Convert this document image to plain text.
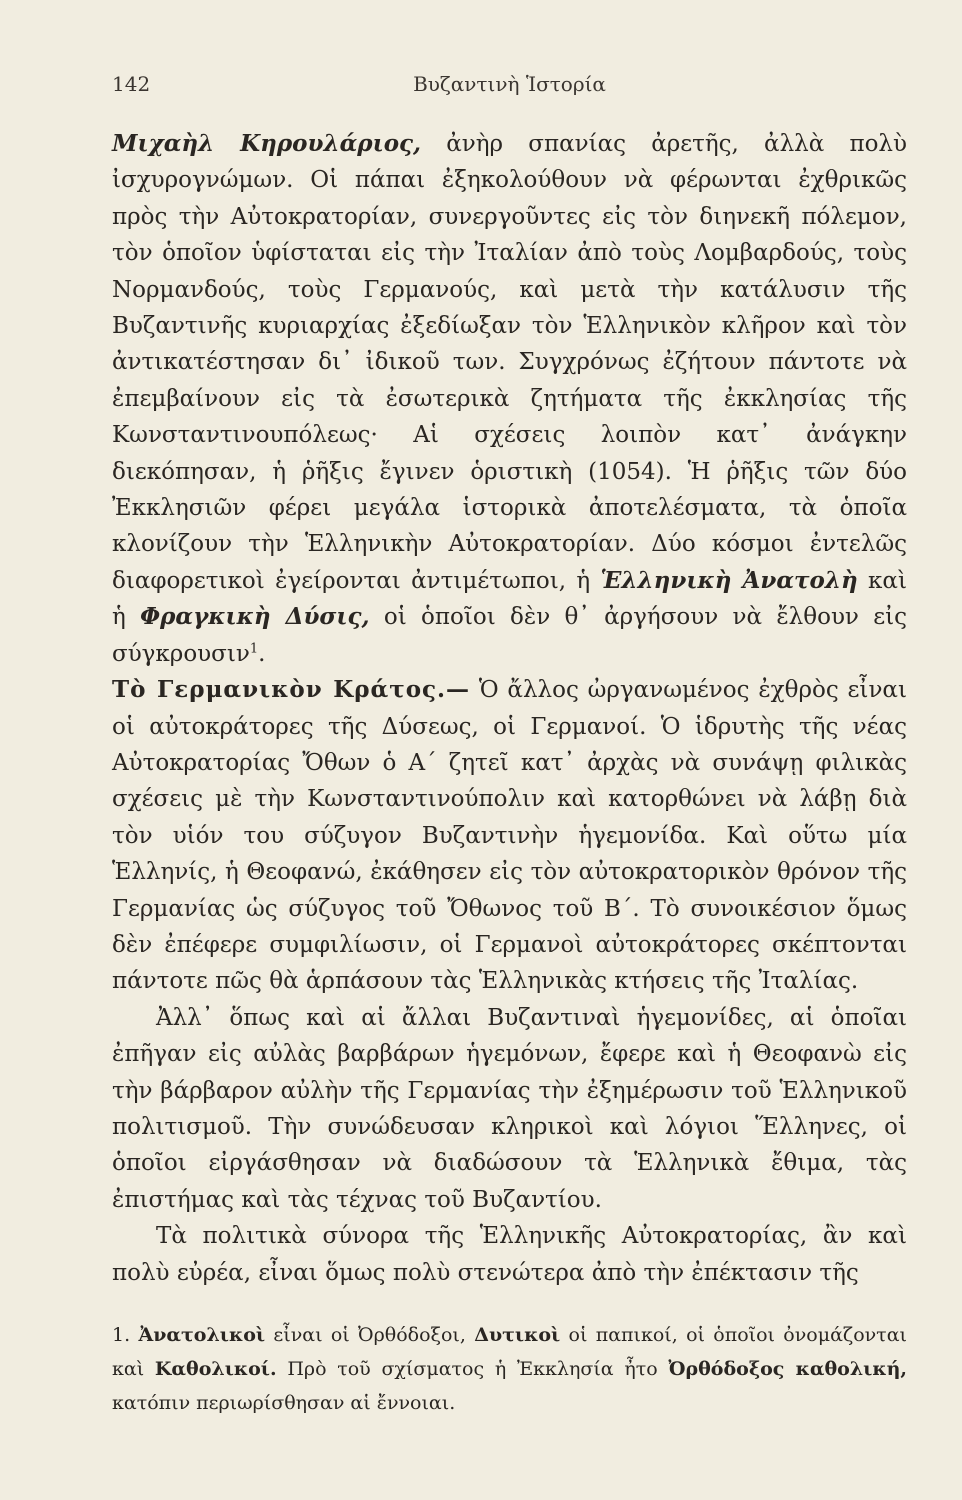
142	Βυζαντινὴ Ἱστορία

Μιχαὴλ Κηρουλάριος, ἀνὴρ σπανίας ἀρετῆς, ἀλλὰ πολὺ ἰσχυρογνώμων. Οἱ πάπαι ἐξηκολούθουν νὰ φέρωνται ἐχθρικῶς πρὸς τὴν Αὐτοκρατορίαν, συνεργοῦντες εἰς τὸν διηνεκῆ πόλεμον, τὸν ὁποῖον ὑφίσταται εἰς τὴν Ἰταλίαν ἀπὸ τοὺς Λομβαρδούς, τοὺς Νορμανδούς, τοὺς Γερμανούς, καὶ μετὰ τὴν κατάλυσιν τῆς Βυζαντινῆς κυριαρχίας ἐξεδίωξαν τὸν Ἑλληνικὸν κλῆρον καὶ τὸν ἀντικατέστησαν δι᾿ ἰδικοῦ των. Συγχρόνως ἐζήτουν πάντοτε νὰ ἐπεμβαίνουν εἰς τὰ ἐσωτερικὰ ζητήματα τῆς ἐκκλησίας τῆς Κωνσταντινουπόλεως· Αἱ σχέσεις λοιπὸν κατ᾿ ἀνάγκην διεκόπησαν, ἡ ῥῆξις ἔγινεν ὁριστικὴ (1054). Ἡ ῥῆξις τῶν δύο Ἐκκλησιῶν φέρει μεγάλα ἱστορικὰ ἀποτελέσματα, τὰ ὁποῖα κλονίζουν τὴν Ἑλληνικὴν Αὐτοκρατορίαν. Δύο κόσμοι ἐντελῶς διαφορετικοὶ ἐγείρονται ἀντιμέτωποι, ἡ Ἑλληνικὴ Ἀνατολὴ καὶ ἡ Φραγκικὴ Δύσις, οἱ ὁποῖοι δὲν θ᾿ ἀργήσουν νὰ ἔλθουν εἰς σύγκρουσιν$^1$.

Τὸ Γερμανικὸν Κράτος.— Ὁ ἄλλος ὠργανωμένος ἐχθρὸς εἶναι οἱ αὐτοκράτορες τῆς Δύσεως, οἱ Γερμανοί. Ὁ ἱδρυτὴς τῆς νέας Αὐτοκρατορίας Ὄθων ὁ Α΄ ζητεῖ κατ᾿ ἀρχὰς νὰ συνάψῃ φιλικὰς σχέσεις μὲ τὴν Κωνσταντινούπολιν καὶ κατορθώνει νὰ λάβῃ διὰ τὸν υἱόν του σύζυγον Βυζαντινὴν ἡγεμονίδα. Καὶ οὕτω μία Ἑλληνίς, ἡ Θεοφανώ, ἐκάθησεν εἰς τὸν αὐτοκρατορικὸν θρόνον τῆς Γερμανίας ὡς σύζυγος τοῦ Ὄθωνος τοῦ Β΄. Τὸ συνοικέσιον ὅμως δὲν ἐπέφερε συμφιλίωσιν, οἱ Γερμανοὶ αὐτοκράτορες σκέπτονται πάντοτε πῶς θὰ ἁρπάσουν τὰς Ἑλληνικὰς κτήσεις τῆς Ἰταλίας.

Ἀλλ᾿ ὅπως καὶ αἱ ἄλλαι Βυζαντιναὶ ἡγεμονίδες, αἱ ὁποῖαι ἐπῆγαν εἰς αὐλὰς βαρβάρων ἡγεμόνων, ἔφερε καὶ ἡ Θεοφανὼ εἰς τὴν βάρβαρον αὐλὴν τῆς Γερμανίας τὴν ἐξημέρωσιν τοῦ Ἑλληνικοῦ πολιτισμοῦ. Τὴν συνώδευσαν κληρικοὶ καὶ λόγιοι Ἕλληνες, οἱ ὁποῖοι εἰργάσθησαν νὰ διαδώσουν τὰ Ἑλληνικὰ ἔθιμα, τὰς ἐπιστήμας καὶ τὰς τέχνας τοῦ Βυζαντίου.

Τὰ πολιτικὰ σύνορα τῆς Ἑλληνικῆς Αὐτοκρατορίας, ἂν καὶ πολὺ εὐρέα, εἶναι ὅμως πολὺ στενώτερα ἀπὸ τὴν ἐπέκτασιν τῆς

1. Ἀνατολικοὶ εἶναι οἱ Ὀρθόδοξοι, Δυτικοὶ οἱ παπικοί, οἱ ὁποῖοι ὀνομάζονται καὶ Καθολικοί. Πρὸ τοῦ σχίσματος ἡ Ἐκκλησία ἦτο Ὀρθόδοξος καθολική, κατόπιν περιωρίσθησαν αἱ ἔννοιαι.
